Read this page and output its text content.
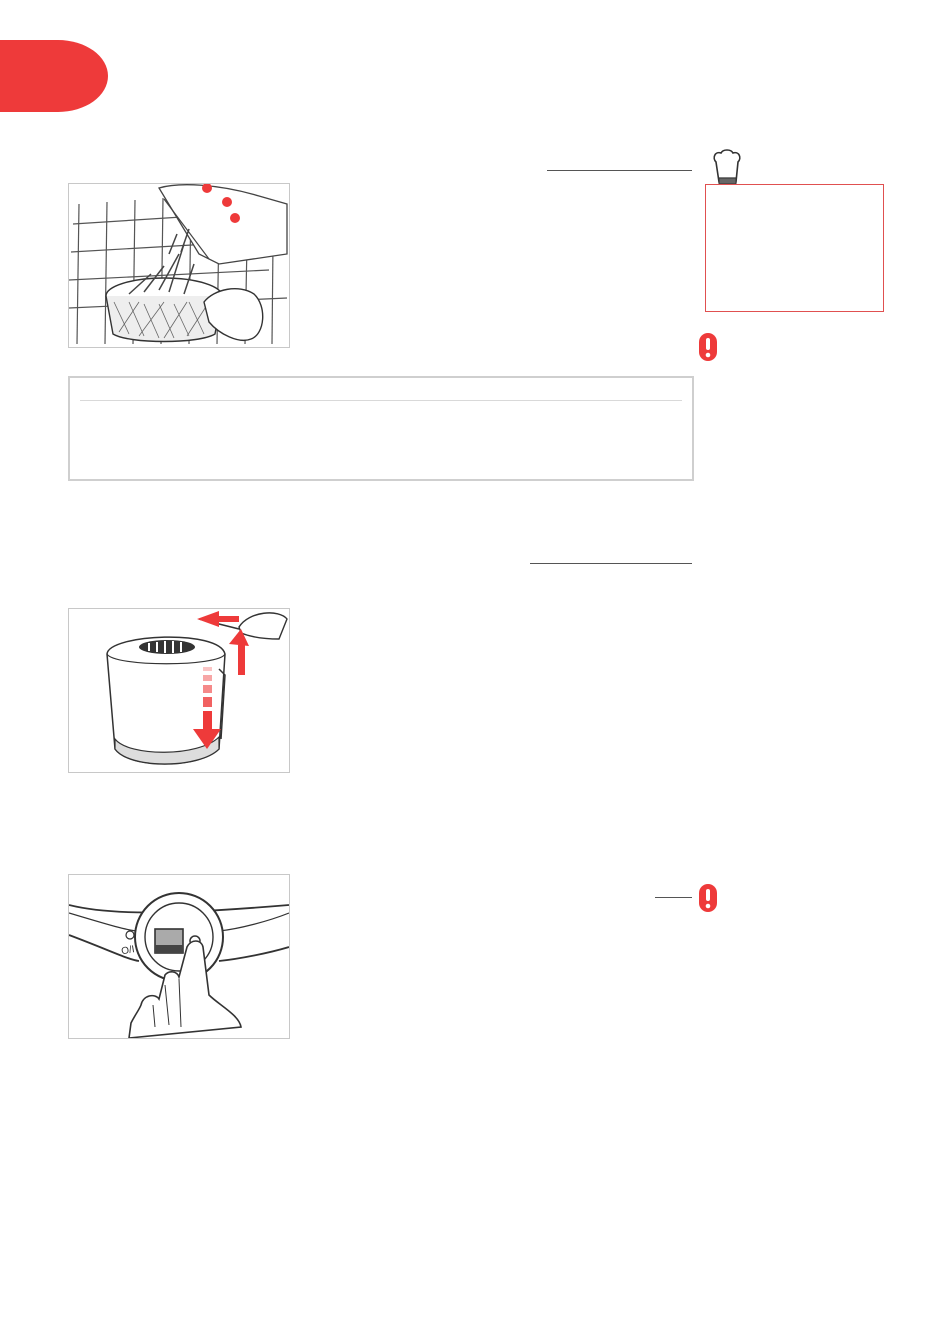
O/I
